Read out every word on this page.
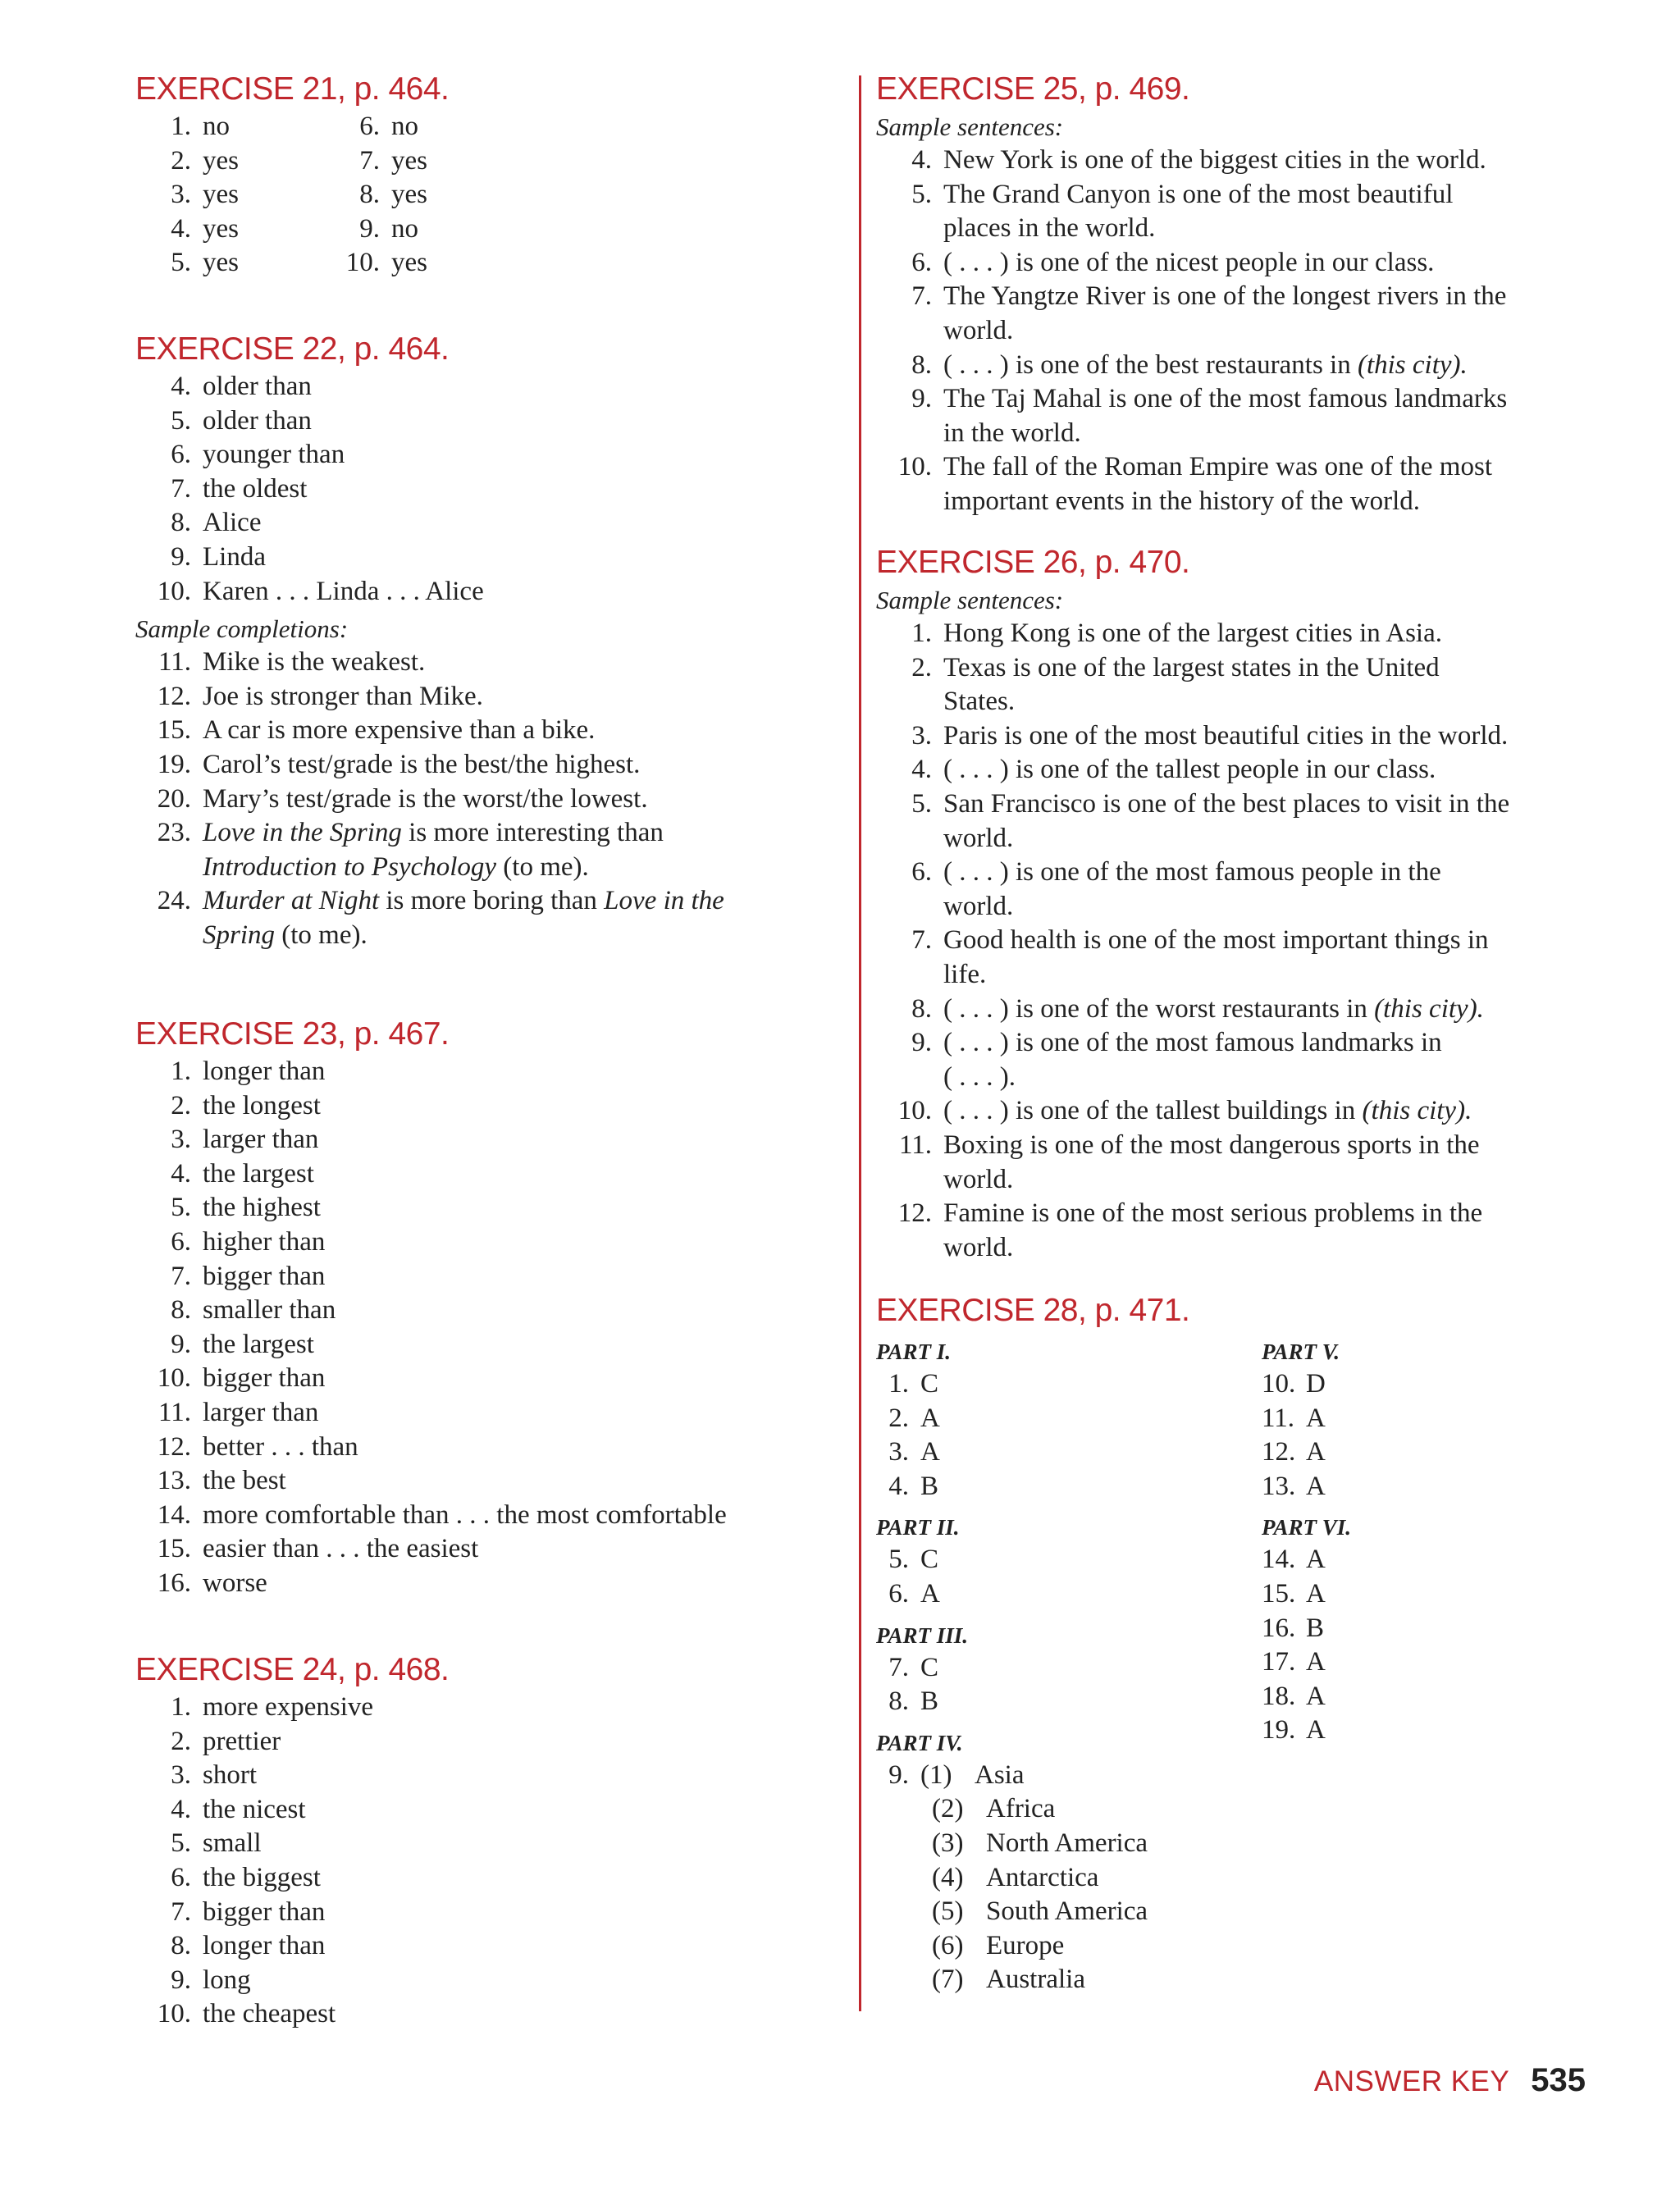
EXERCISE 21, p. 464.
1. no
2. yes
3. yes
4. yes
5. yes
6. no
7. yes
8. yes
9. no
10. yes
EXERCISE 22, p. 464.
4. older than
5. older than
6. younger than
7. the oldest
8. Alice
9. Linda
10. Karen . . . Linda . . . Alice
Sample completions:
11. Mike is the weakest.
12. Joe is stronger than Mike.
15. A car is more expensive than a bike.
19. Carol’s test/grade is the best/the highest.
20. Mary’s test/grade is the worst/the lowest.
23. Love in the Spring is more interesting than
Introduction to Psychology (to me).
24. Murder at Night is more boring than Love in the
Spring (to me).
EXERCISE 23, p. 467.
1. longer than
2. the longest
3. larger than
4. the largest
5. the highest
6. higher than
7. bigger than
8. smaller than
9. the largest
10. bigger than
11. larger than
12. better . . . than
13. the best
14. more comfortable than . . . the most comfortable
15. easier than . . . the easiest
16. worse
EXERCISE 24, p. 468.
1. more expensive
2. prettier
3. short
4. the nicest
5. small
6. the biggest
7. bigger than
8. longer than
9. long
10. the cheapest
EXERCISE 25, p. 469.
Sample sentences:
4. New York is one of the biggest cities in the world.
5. The Grand Canyon is one of the most beautiful
places in the world.
6. ( . . . ) is one of the nicest people in our class.
7. The Yangtze River is one of the longest rivers in the
world.
8. ( . . . ) is one of the best restaurants in (this city).
9. The Taj Mahal is one of the most famous landmarks
in the world.
10. The fall of the Roman Empire was one of the most
important events in the history of the world.
EXERCISE 26, p. 470.
Sample sentences:
1. Hong Kong is one of the largest cities in Asia.
2. Texas is one of the largest states in the United
States.
3. Paris is one of the most beautiful cities in the world.
4. ( . . . ) is one of the tallest people in our class.
5. San Francisco is one of the best places to visit in the
world.
6. ( . . . ) is one of the most famous people in the
world.
7. Good health is one of the most important things in
life.
8. ( . . . ) is one of the worst restaurants in (this city).
9. ( . . . ) is one of the most famous landmarks in
( . . . ).
10. ( . . . ) is one of the tallest buildings in (this city).
11. Boxing is one of the most dangerous sports in the
world.
12. Famine is one of the most serious problems in the
world.
EXERCISE 28, p. 471.
PART I.
1. C
2. A
3. A
4. B
PART II.
5. C
6. A
PART III.
7. C
8. B
PART IV.
9. (1) Asia
(2) Africa
(3) North America
(4) Antarctica
(5) South America
(6) Europe
(7) Australia
PART V.
10. D
11. A
12. A
13. A
PART VI.
14. A
15. A
16. B
17. A
18. A
19. A
ANSWER KEY 535
